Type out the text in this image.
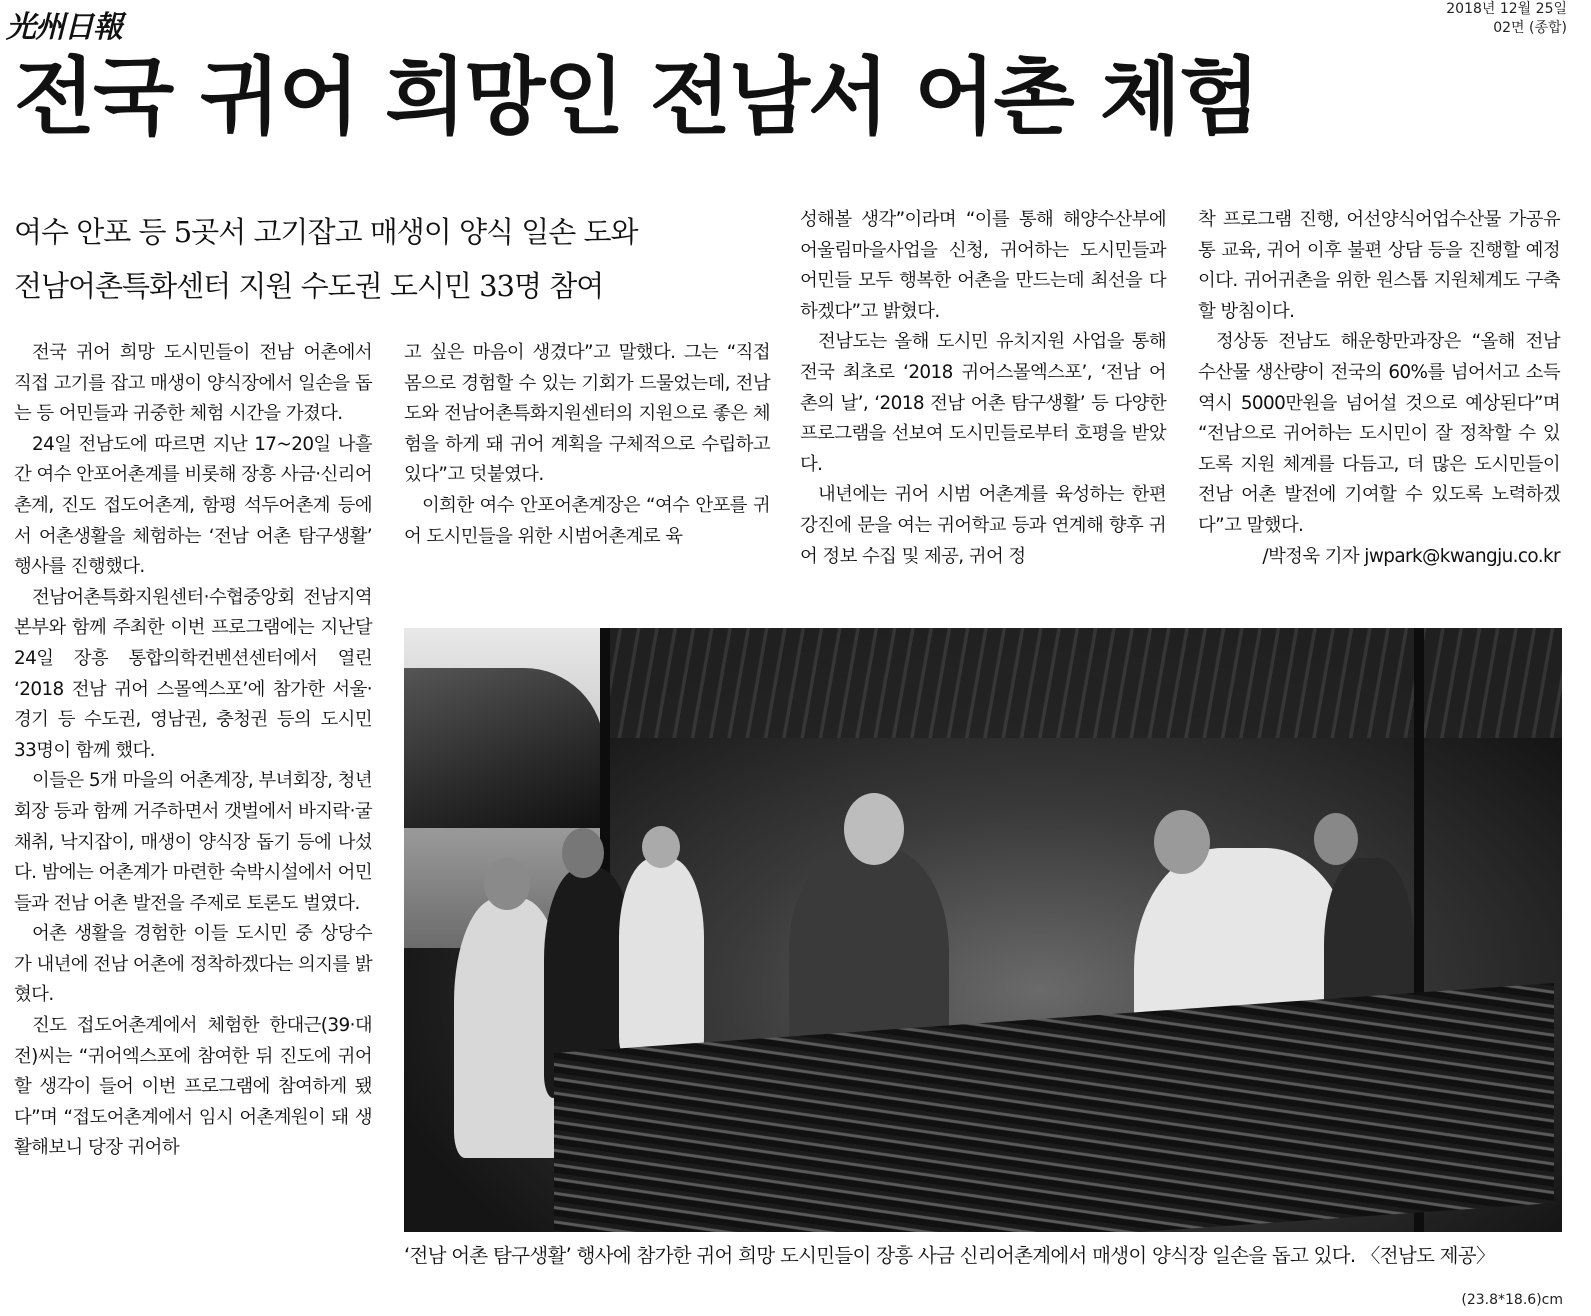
光州日報
2018년 12월 25일
02면 (종합)
전국 귀어 희망인 전남서 어촌 체험
여수 안포 등 5곳서 고기잡고 매생이 양식 일손 도와
전남어촌특화센터 지원 수도권 도시민 33명 참여

전국 귀어 희망 도시민들이 전남 어촌에서 직접 고기를 잡고 매생이 양식장에서 일손을 돕는 등 어민들과 귀중한 체험 시간을 가졌다.

24일 전남도에 따르면 지난 17~20일 나흘간 여수 안포어촌계를 비롯해 장흥 사금·신리어촌계, 진도 접도어촌계, 함평 석두어촌계 등에서 어촌생활을 체험하는 ‘전남 어촌 탐구생활’ 행사를 진행했다.

전남어촌특화지원센터·수협중앙회 전남지역본부와 함께 주최한 이번 프로그램에는 지난달 24일 장흥 통합의학컨벤션센터에서 열린 ‘2018 전남 귀어 스몰엑스포’에 참가한 서울·경기 등 수도권, 영남권, 충청권 등의 도시민 33명이 함께 했다.

이들은 5개 마을의 어촌계장, 부녀회장, 청년회장 등과 함께 거주하면서 갯벌에서 바지락·굴 채취, 낙지잡이, 매생이 양식장 돕기 등에 나섰다. 밤에는 어촌계가 마련한 숙박시설에서 어민들과 전남 어촌 발전을 주제로 토론도 벌였다.

어촌 생활을 경험한 이들 도시민 중 상당수가 내년에 전남 어촌에 정착하겠다는 의지를 밝혔다.

진도 접도어촌계에서 체험한 한대근(39·대전)씨는 “귀어엑스포에 참여한 뒤 진도에 귀어할 생각이 들어 이번 프로그램에 참여하게 됐다”며 “접도어촌계에서 임시 어촌계원이 돼 생활해보니 당장 귀어하

고 싶은 마음이 생겼다”고 말했다. 그는 “직접 몸으로 경험할 수 있는 기회가 드물었는데, 전남도와 전남어촌특화지원센터의 지원으로 좋은 체험을 하게 돼 귀어 계획을 구체적으로 수립하고 있다”고 덧붙였다.

이희한 여수 안포어촌계장은 “여수 안포를 귀어 도시민들을 위한 시범어촌계로 육

성해볼 생각”이라며 “이를 통해 해양수산부에 어울림마을사업을 신청, 귀어하는 도시민들과 어민들 모두 행복한 어촌을 만드는데 최선을 다하겠다”고 밝혔다.

전남도는 올해 도시민 유치지원 사업을 통해 전국 최초로 ‘2018 귀어스몰엑스포’, ‘전남 어촌의 날’, ‘2018 전남 어촌 탐구생활’ 등 다양한 프로그램을 선보여 도시민들로부터 호평을 받았다.

내년에는 귀어 시범 어촌계를 육성하는 한편 강진에 문을 여는 귀어학교 등과 연계해 향후 귀어 정보 수집 및 제공, 귀어 정

착 프로그램 진행, 어선양식어업수산물 가공유통 교육, 귀어 이후 불편 상담 등을 진행할 예정이다. 귀어귀촌을 위한 원스톱 지원체계도 구축할 방침이다.

정상동 전남도 해운항만과장은 “올해 전남 수산물 생산량이 전국의 60%를 넘어서고 소득 역시 5000만원을 넘어설 것으로 예상된다”며 “전남으로 귀어하는 도시민이 잘 정착할 수 있도록 지원 체계를 다듬고, 더 많은 도시민들이 전남 어촌 발전에 기여할 수 있도록 노력하겠다”고 말했다.

/박정욱 기자 jwpark@kwangju.co.kr

‘전남 어촌 탐구생활’ 행사에 참가한 귀어 희망 도시민들이 장흥 사금 신리어촌계에서 매생이 양식장 일손을 돕고 있다. 〈전남도 제공〉
(23.8*18.6)cm
